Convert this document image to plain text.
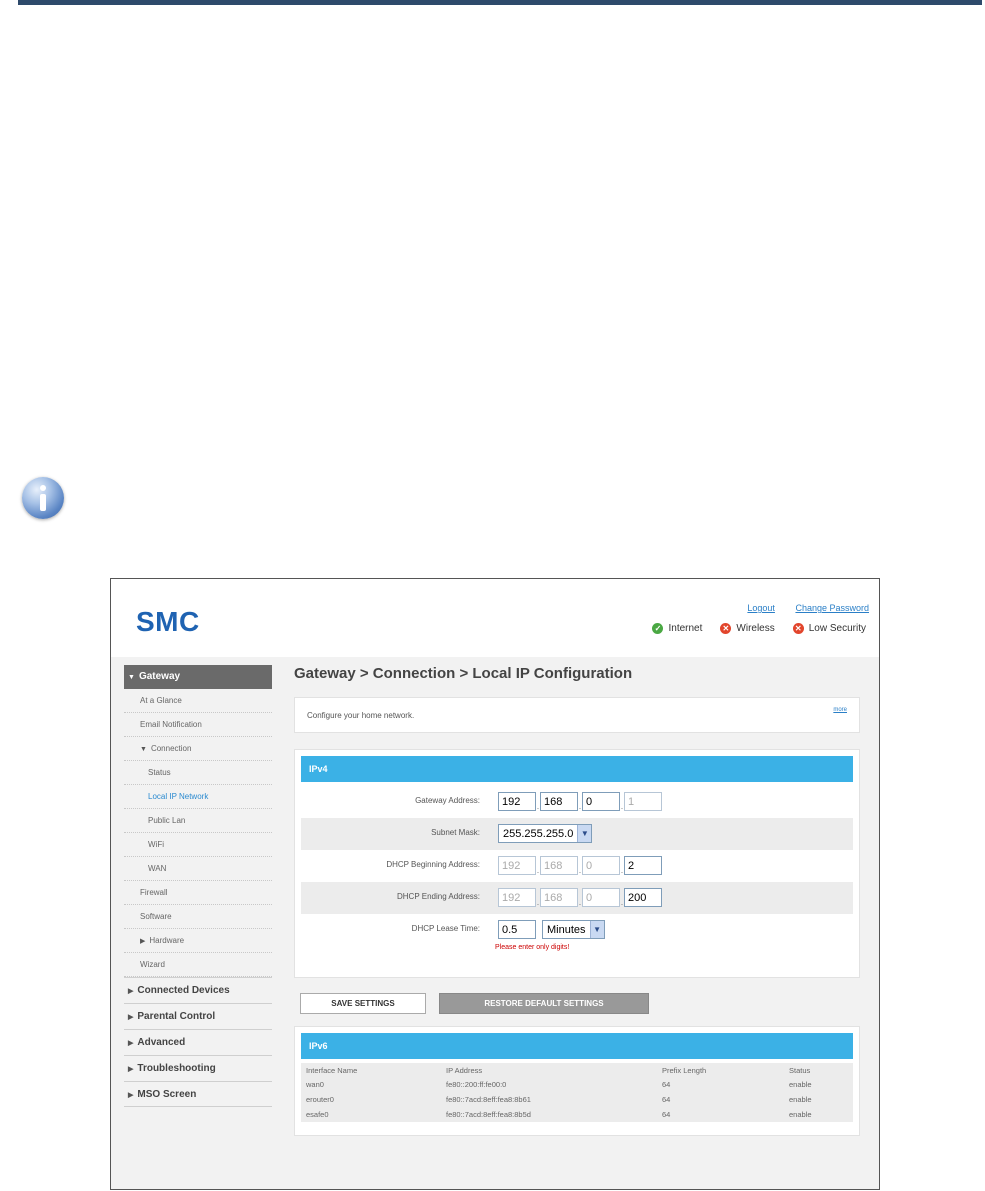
SMC	Logout Change Password
✓ Internet	✕ Wireless	✕ Low Security
▼ Gateway
At a Glance
Email Notification
▼ Connection
Status
Local IP Network
Public Lan
WiFi
WAN
Firewall
Software
▶ Hardware
Wizard
▶ Connected Devices
▶ Parental Control
▶ Advanced
▶ Troubleshooting
▶ MSO Screen
Gateway > Connection > Local IP Configuration
Configure your home network.
more
IPv4
Gateway Address:
192
.
168	.
0	.
1
Subnet Mask:	255.255.255.0 ▼
DHCP Beginning Address:
192
.
168	.
0	.
2
DHCP Ending Address:
192
.
168	.
0	.
200
DHCP Lease Time:
0.5	Minutes ▼
Please enter only digits!
SAVE SETTINGS	RESTORE DEFAULT SETTINGS
IPv6
Interface Name	IP Address	Prefix Length	Status
wan0	fe80::200:ff:fe00:0	64	enable
erouter0	fe80::7acd:8eff:fea8:8b61	64	enable
esafe0	fe80::7acd:8eff:fea8:8b5d	64	enable
